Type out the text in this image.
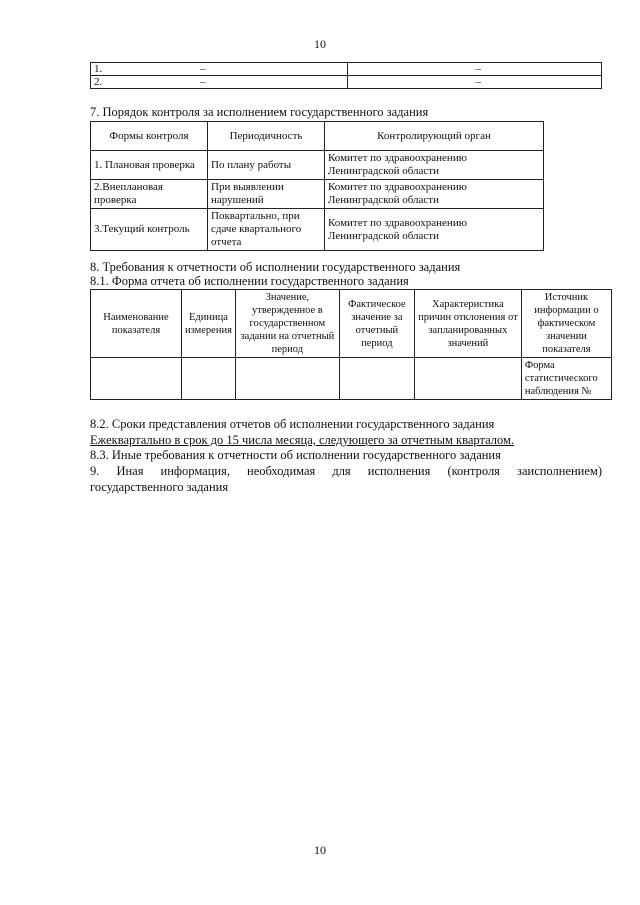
10
1. –	–
2. –	–
7. Порядок контроля за исполнением государственного задания
Формы контроля	Периодичность	Контролирующий орган
1. Плановая проверка	По плану работы	Комитет по здравоохранению Ленинградской области
2.Внеплановая проверка	При выявлении нарушений	Комитет по здравоохранению Ленинградской области
3.Текущий контроль	Поквартально, при сдаче квартального отчета	Комитет по здравоохранению Ленинградской области
8. Требования к отчетности об исполнении государственного задания
8.1. Форма отчета об исполнении государственного задания
Наименование показателя	Единица измерения	Значение, утвержденное в государственном задании на отчетный период	Фактическое значение за отчетный период	Характеристика причин отклонения от запланированных значений	Источник информации о фактическом значении показателя
					Форма статистического наблюдения №
8.2. Сроки представления отчетов об исполнении государственного задания
Ежеквартально в срок до 15 числа месяца, следующего за отчетным кварталом.
8.3. Иные требования к отчетности об исполнении государственного задания
9. Иная информация, необходимая для исполнения (контроля заисполнением)
государственного задания
10
